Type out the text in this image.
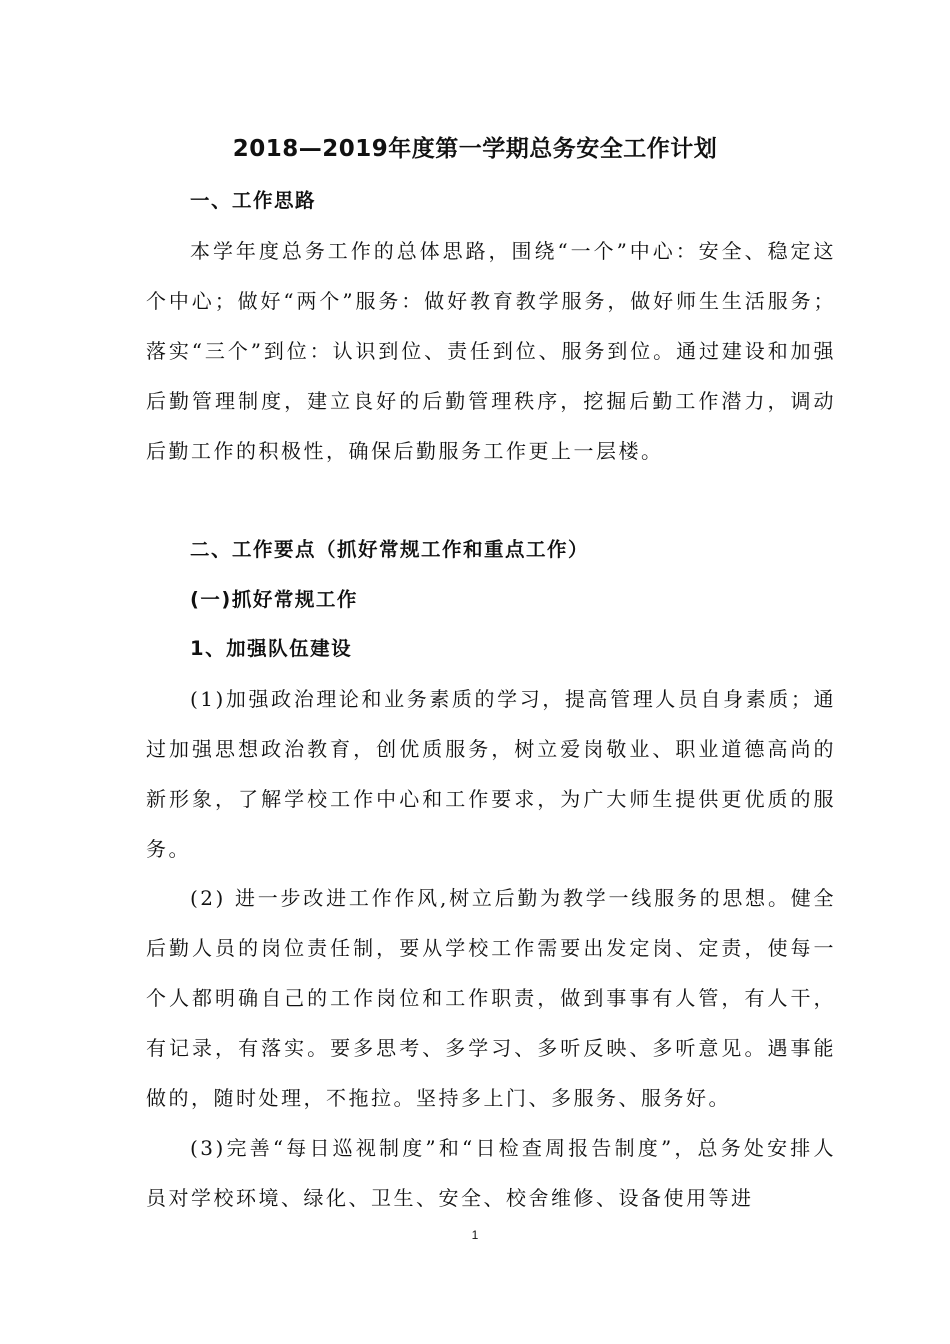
2018—2019年度第一学期总务安全工作计划
一、工作思路
本学年度总务工作的总体思路，围绕“一个”中心：安全、稳定这个中心；做好“两个”服务：做好教育教学服务，做好师生生活服务；落实“三个”到位：认识到位、责任到位、服务到位。通过建设和加强后勤管理制度，建立良好的后勤管理秩序，挖掘后勤工作潜力，调动后勤工作的积极性，确保后勤服务工作更上一层楼。
二、工作要点（抓好常规工作和重点工作）
(一)抓好常规工作
1、加强队伍建设
(1)加强政治理论和业务素质的学习，提高管理人员自身素质；通过加强思想政治教育，创优质服务，树立爱岗敬业、职业道德高尚的新形象，了解学校工作中心和工作要求，为广大师生提供更优质的服务。
(2) 进一步改进工作作风,树立后勤为教学一线服务的思想。健全后勤人员的岗位责任制，要从学校工作需要出发定岗、定责，使每一个人都明确自己的工作岗位和工作职责，做到事事有人管，有人干，有记录，有落实。要多思考、多学习、多听反映、多听意见。遇事能做的，随时处理，不拖拉。坚持多上门、多服务、服务好。
(3)完善“每日巡视制度”和“日检查周报告制度”，总务处安排人员对学校环境、绿化、卫生、安全、校舍维修、设备使用等进
1
